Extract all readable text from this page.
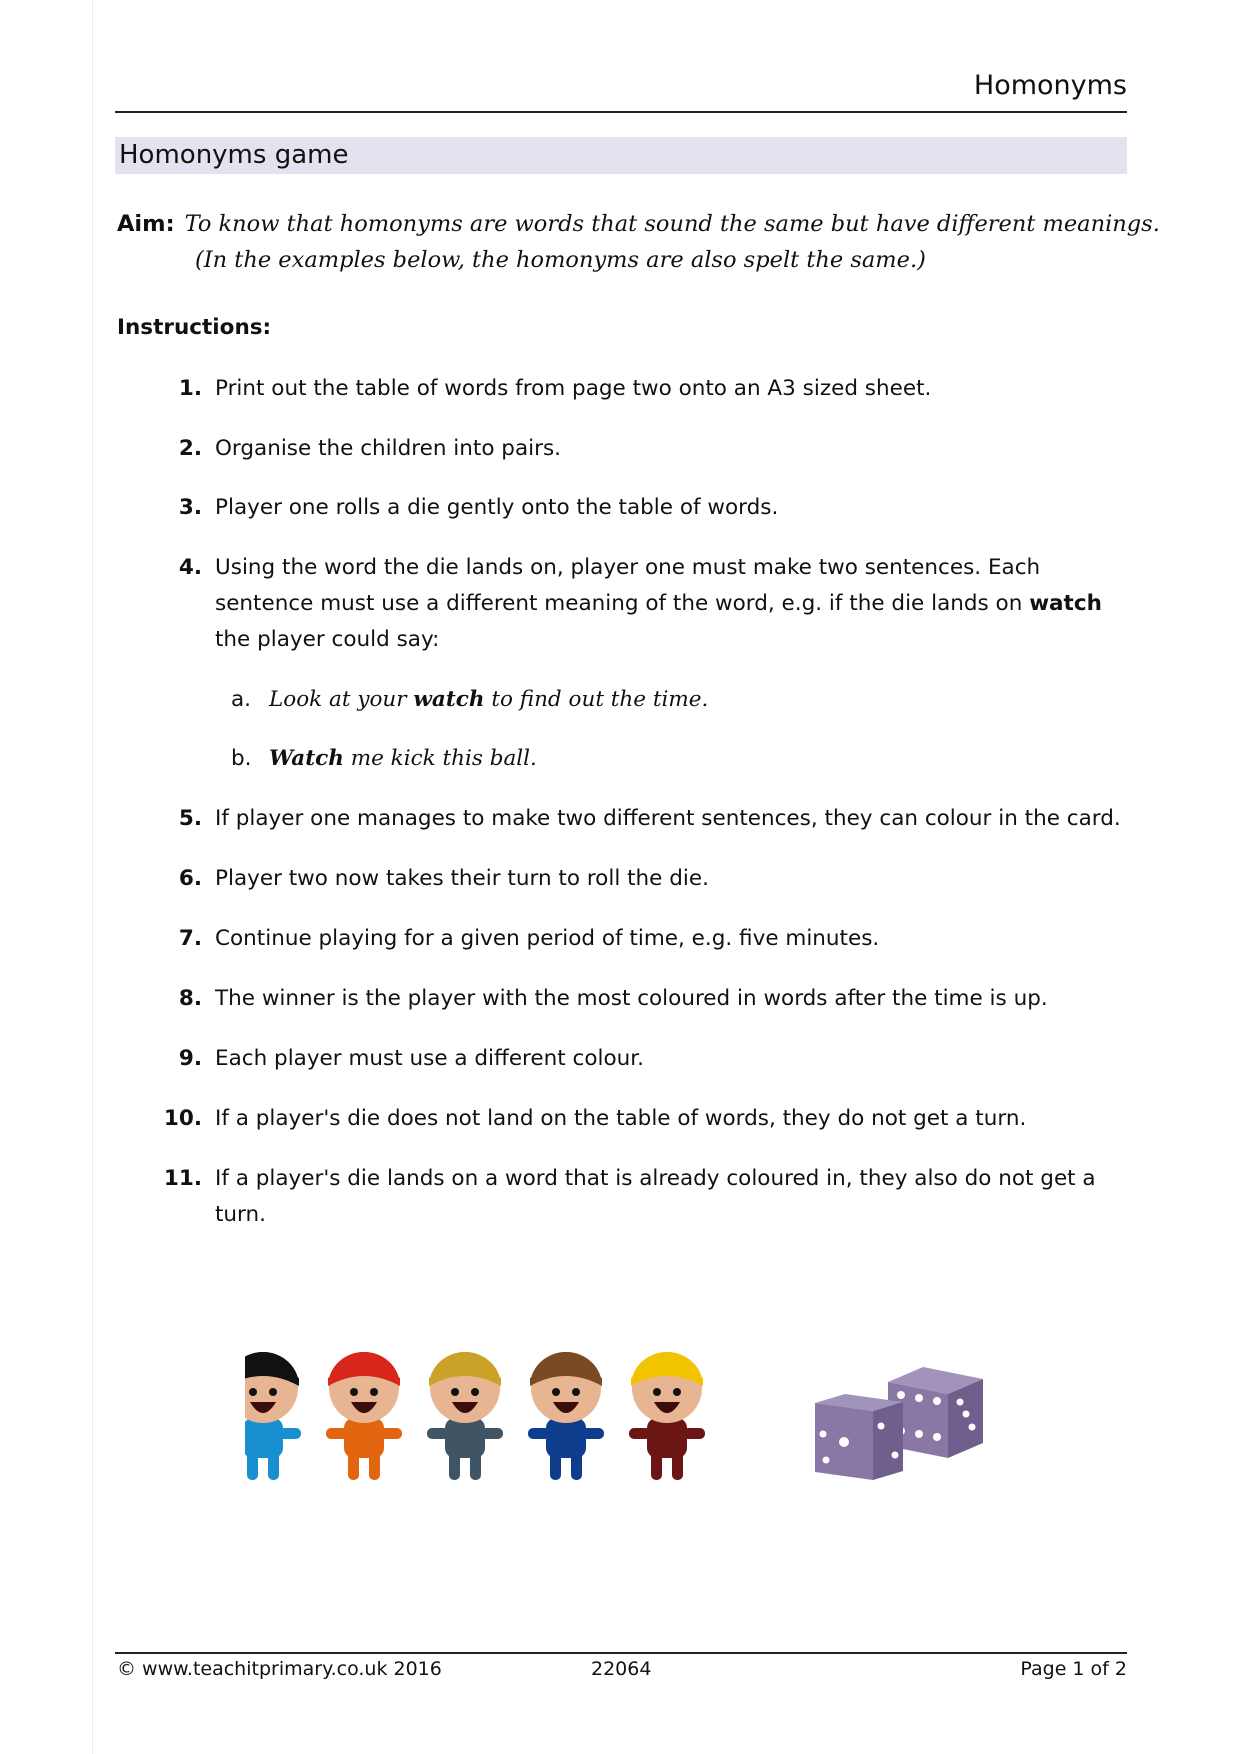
Homonyms
Homonyms game
Aim: To know that homonyms are words that sound the same but have different meanings.
(In the examples below, the homonyms are also spelt the same.)
Instructions:
1. Print out the table of words from page two onto an A3 sized sheet.
2. Organise the children into pairs.
3. Player one rolls a die gently onto the table of words.
4. Using the word the die lands on, player one must make two sentences. Each sentence must use a different meaning of the word, e.g. if the die lands on watch the player could say:
a. Look at your watch to find out the time.
b. Watch me kick this ball.
5. If player one manages to make two different sentences, they can colour in the card.
6. Player two now takes their turn to roll the die.
7. Continue playing for a given period of time, e.g. five minutes.
8. The winner is the player with the most coloured in words after the time is up.
9. Each player must use a different colour.
10. If a player's die does not land on the table of words, they do not get a turn.
11. If a player's die lands on a word that is already coloured in, they also do not get a turn.
© www.teachitprimary.co.uk 2016	22064	Page 1 of 2
